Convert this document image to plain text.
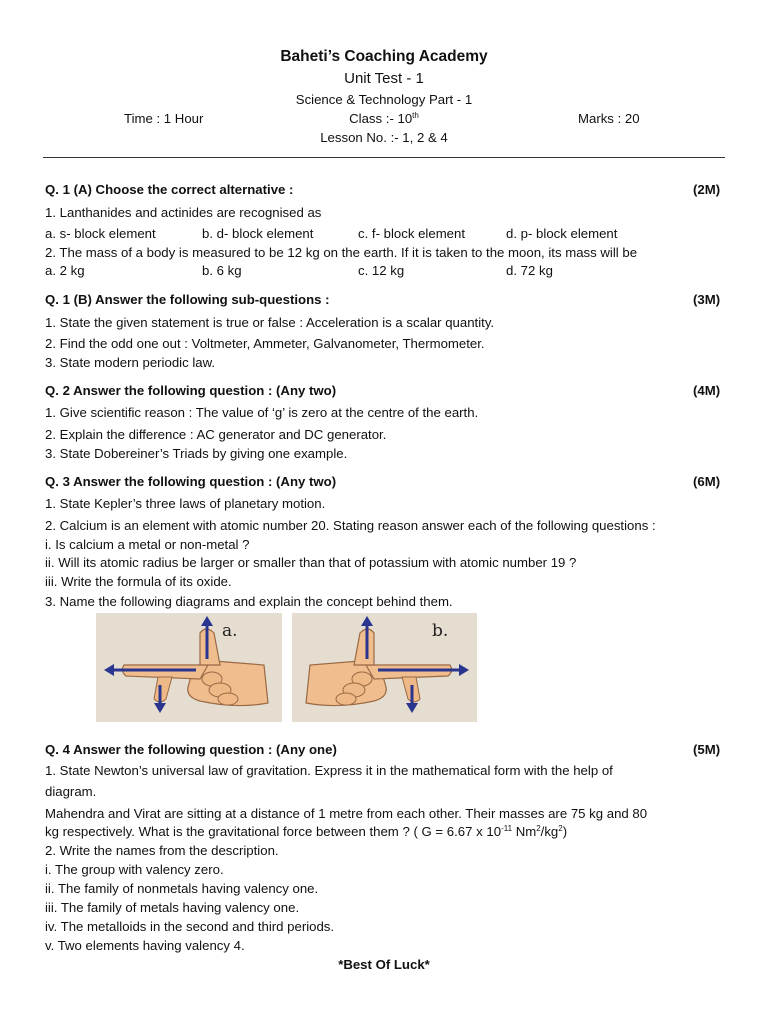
Baheti’s Coaching Academy
Unit Test - 1
Science & Technology Part - 1
Time : 1 Hour	Class :- 10th	Marks : 20
Lesson No. :- 1, 2 & 4
Q. 1 (A) Choose the correct alternative :	(2M)
1. Lanthanides and actinides are recognised as
a. s- block element	b. d- block element	c. f- block element	d. p- block element
2. The mass of a body is measured to be 12 kg on the earth. If it is taken to the moon, its mass will be
a. 2 kg	b. 6 kg	c. 12 kg	d. 72 kg
Q. 1 (B) Answer the following sub-questions :	(3M)
1. State the given statement is true or false : Acceleration is a scalar quantity.
2. Find the odd one out : Voltmeter, Ammeter, Galvanometer, Thermometer.
3. State modern periodic law.
Q. 2 Answer the following question : (Any two)	(4M)
1. Give scientific reason : The value of ‘g’ is zero at the centre of the earth.
2. Explain the difference : AC generator and DC generator.
3. State Dobereiner’s Triads by giving one example.
Q. 3 Answer the following question : (Any two)	(6M)
1. State Kepler’s three laws of planetary motion.
2. Calcium is an element with atomic number 20. Stating reason answer each of the following questions :
i. Is calcium a metal or non-metal ?
ii. Will its atomic radius be larger or smaller than that of potassium with atomic number 19 ?
iii. Write the formula of its oxide.
3. Name the following diagrams and explain the concept behind them.
a.	b.
Q. 4 Answer the following question : (Any one)	(5M)
1. State Newton’s universal law of gravitation. Express it in the mathematical form with the help of
diagram.
Mahendra and Virat are sitting at a distance of 1 metre from each other. Their masses are 75 kg and 80
kg respectively. What is the gravitational force between them ? ( G = 6.67 x $10^{-11}$ $Nm^2/kg^2$)
2. Write the names from the description.
i. The group with valency zero.
ii. The family of nonmetals having valency one.
iii. The family of metals having valency one.
iv. The metalloids in the second and third periods.
v. Two elements having valency 4.
*Best Of Luck*
